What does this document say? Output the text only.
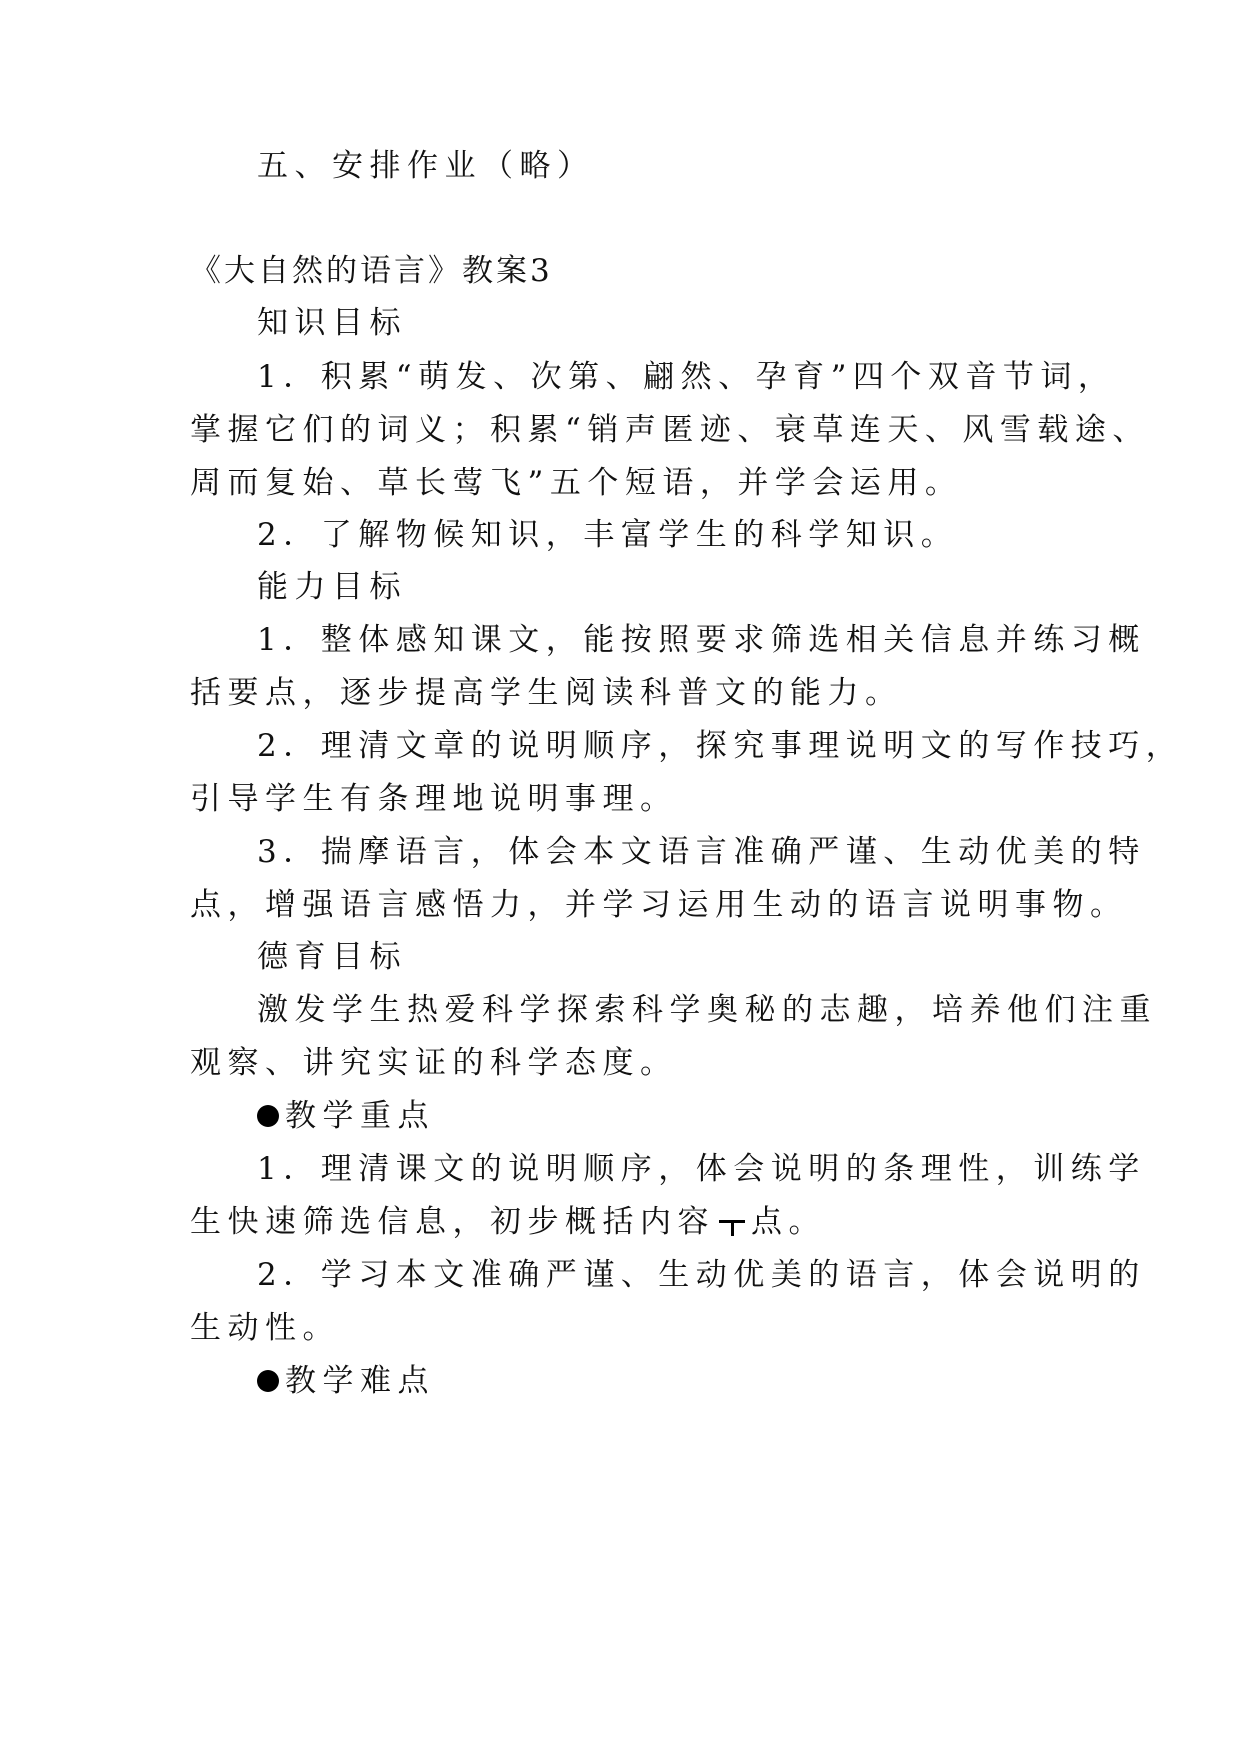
五、安排作业（略）
《大自然的语言》教案3
知识目标
1．积累“萌发、次第、翩然、孕育”四个双音节词，
掌握它们的词义；积累“销声匿迹、衰草连天、风雪载途、
周而复始、草长莺飞”五个短语，并学会运用。
2．了解物候知识，丰富学生的科学知识。
能力目标
1．整体感知课文，能按照要求筛选相关信息并练习概
括要点，逐步提高学生阅读科普文的能力。
2．理清文章的说明顺序，探究事理说明文的写作技巧，
引导学生有条理地说明事理。
3．揣摩语言，体会本文语言准确严谨、生动优美的特
点，增强语言感悟力，并学习运用生动的语言说明事物。
德育目标
激发学生热爱科学探索科学奥秘的志趣，培养他们注重
观察、讲究实证的科学态度。
教学重点
1．理清课文的说明顺序，体会说明的条理性，训练学
生快速筛选信息，初步概括内容 点。
2．学习本文准确严谨、生动优美的语言，体会说明的
生动性。
教学难点
